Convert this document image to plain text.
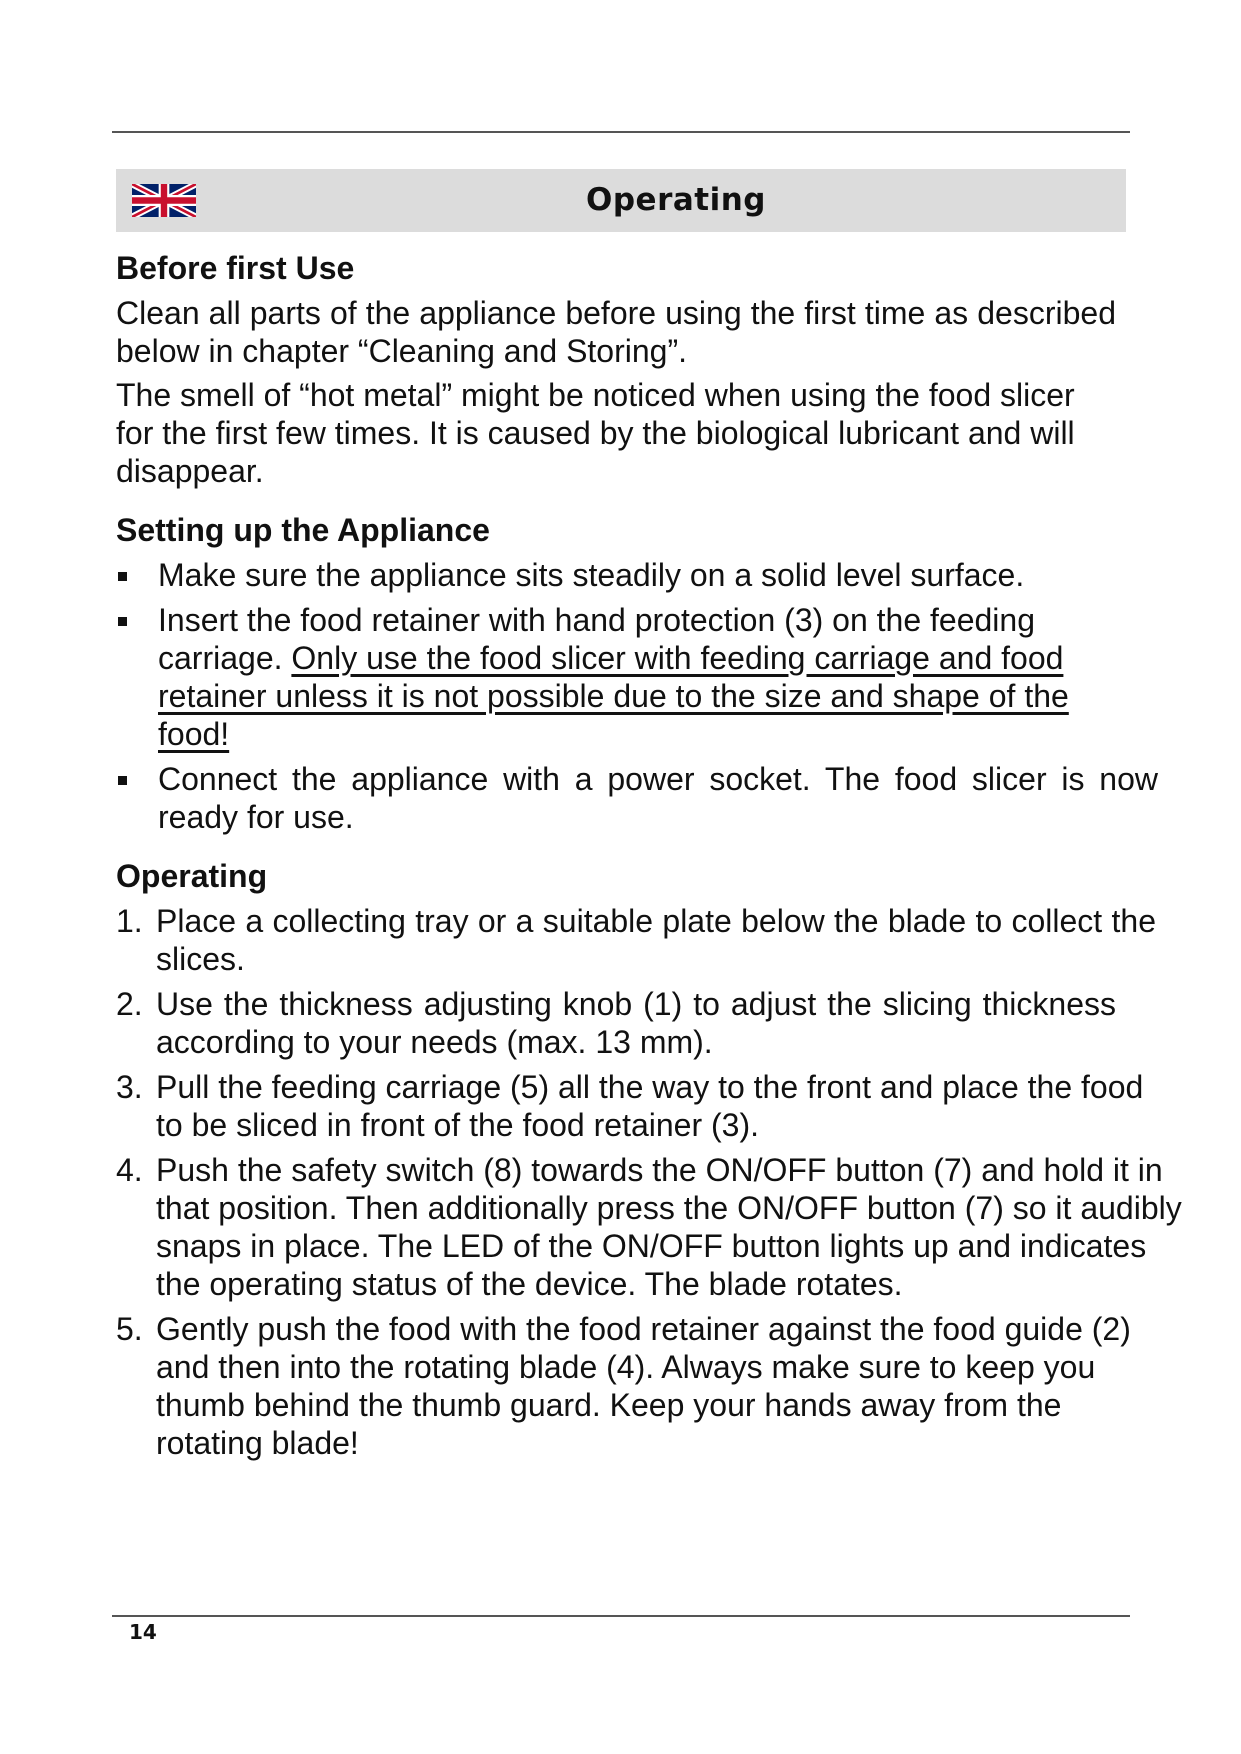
Operating
Before first Use

Clean all parts of the appliance before using the first time as described below in chapter “Cleaning and Storing”.

The smell of “hot metal” might be noticed when using the food slicer for the first few times. It is caused by the biological lubricant and will disappear.

Setting up the Appliance
Make sure the appliance sits steadily on a solid level surface.
Insert the food retainer with hand protection (3) on the feeding carriage. Only use the food slicer with feeding carriage and food retainer unless it is not possible due to the size and shape of the food!
Connect the appliance with a power socket. The food slicer is now ready for use.
Operating
1. Place a collecting tray or a suitable plate below the blade to collect the slices.
2. Use the thickness adjusting knob (1) to adjust the slicing thickness according to your needs (max. 13 mm).
3. Pull the feeding carriage (5) all the way to the front and place the food to be sliced in front of the food retainer (3).
4. Push the safety switch (8) towards the ON/OFF button (7) and hold it in that position. Then additionally press the ON/OFF button (7) so it audibly snaps in place. The LED of the ON/OFF button lights up and indicates the operating status of the device. The blade rotates.
5. Gently push the food with the food retainer against the food guide (2) and then into the rotating blade (4). Always make sure to keep you thumb behind the thumb guard. Keep your hands away from the rotating blade!
14
